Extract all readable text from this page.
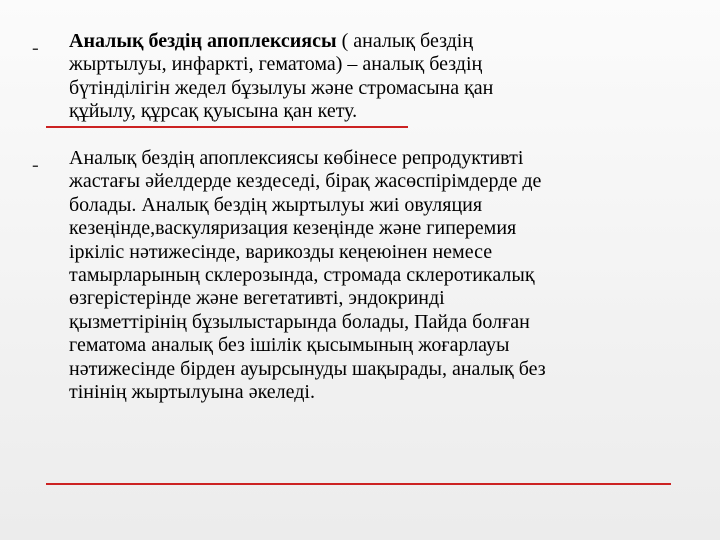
- Аналық бездің апоплексиясы ( аналық бездің
жыртылуы, инфаркті, гематома) – аналық бездің
бүтінділігін жедел бұзылуы және стромасына қан
құйылу, құрсақ қуысына қан кету.
- Аналық бездің апоплексиясы көбінесе репродуктивті
жастағы әйелдерде кездеседі, бірақ жасөспірімдерде де
болады. Аналық бездің жыртылуы жиі овуляция
кезеңінде,васкуляризация кезеңінде және гиперемия
іркіліс нәтижесінде, варикозды кеңеюінен немесе
тамырларының склерозында, стромада склеротикалық
өзгерістерінде және вегетативті, эндокринді
қызметтірінің бұзылыстарында болады, Пайда болған
гематома аналық без ішілік қысымының жоғарлауы
нәтижесінде бірден ауырсынуды шақырады, аналық без
тінінің жыртылуына әкеледі.
